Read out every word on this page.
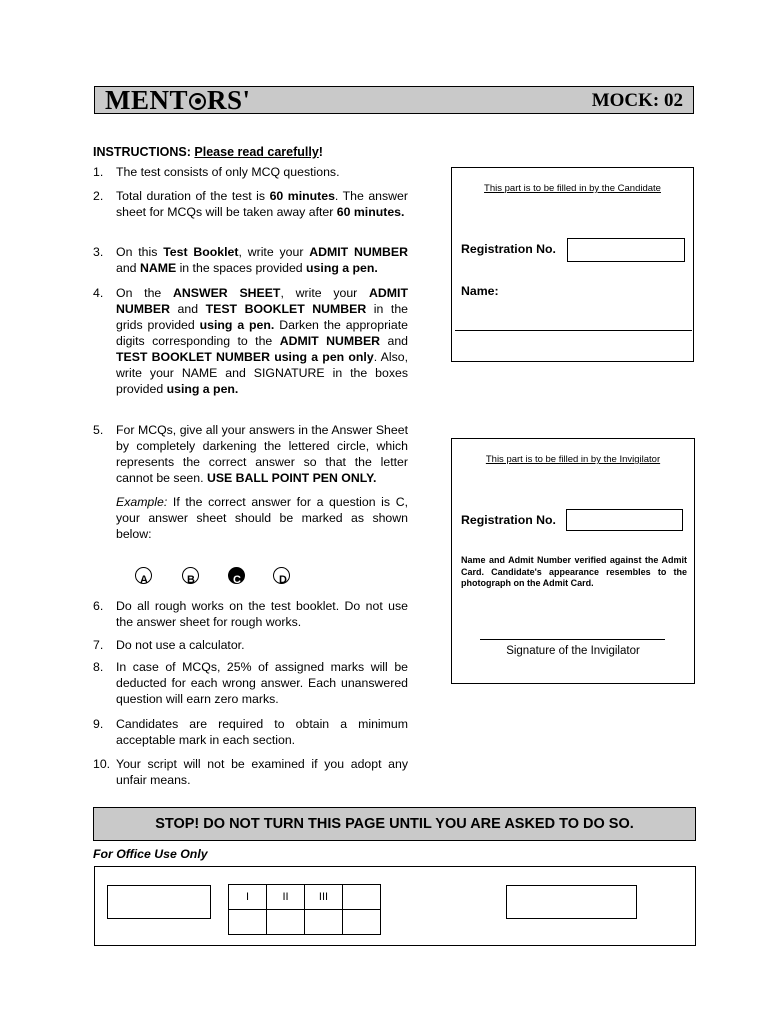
MENT RS'	MOCK: 02
INSTRUCTIONS: Please read carefully!
1.	The test consists of only MCQ questions.
2.	Total duration of the test is 60 minutes. The answer sheet for MCQs will be taken away after 60 minutes.
3.	On this Test Booklet, write your ADMIT NUMBER and NAME in the spaces provided using a pen.
4.	On the ANSWER SHEET, write your ADMIT NUMBER and TEST BOOKLET NUMBER in the grids provided using a pen. Darken the appropriate digits corresponding to the ADMIT NUMBER and TEST BOOKLET NUMBER using a pen only. Also, write your NAME and SIGNATURE in the boxes provided using a pen.
5.	For MCQs, give all your answers in the Answer Sheet by completely darkening the lettered circle, which represents the correct answer so that the letter cannot be seen. USE BALL POINT PEN ONLY.
Example: If the correct answer for a question is C, your answer sheet should be marked as shown below:
6.	Do all rough works on the test booklet. Do not use the answer sheet for rough works.
7.	Do not use a calculator.
8.	In case of MCQs, 25% of assigned marks will be deducted for each wrong answer. Each unanswered question will earn zero marks.
9.	Candidates are required to obtain a minimum acceptable mark in each section.
10. Your script will not be examined if you adopt any unfair means.
A	B	C	D
This part is to be filled in by the Candidate
Registration No.
Name:
This part is to be filled in by the Invigilator
Registration No.
Name and Admit Number verified against the Admit Card. Candidate's appearance resembles to the photograph on the Admit Card.
Signature of the Invigilator
STOP! DO NOT TURN THIS PAGE UNTIL YOU ARE ASKED TO DO SO.
For Office Use Only
I	II	III	
